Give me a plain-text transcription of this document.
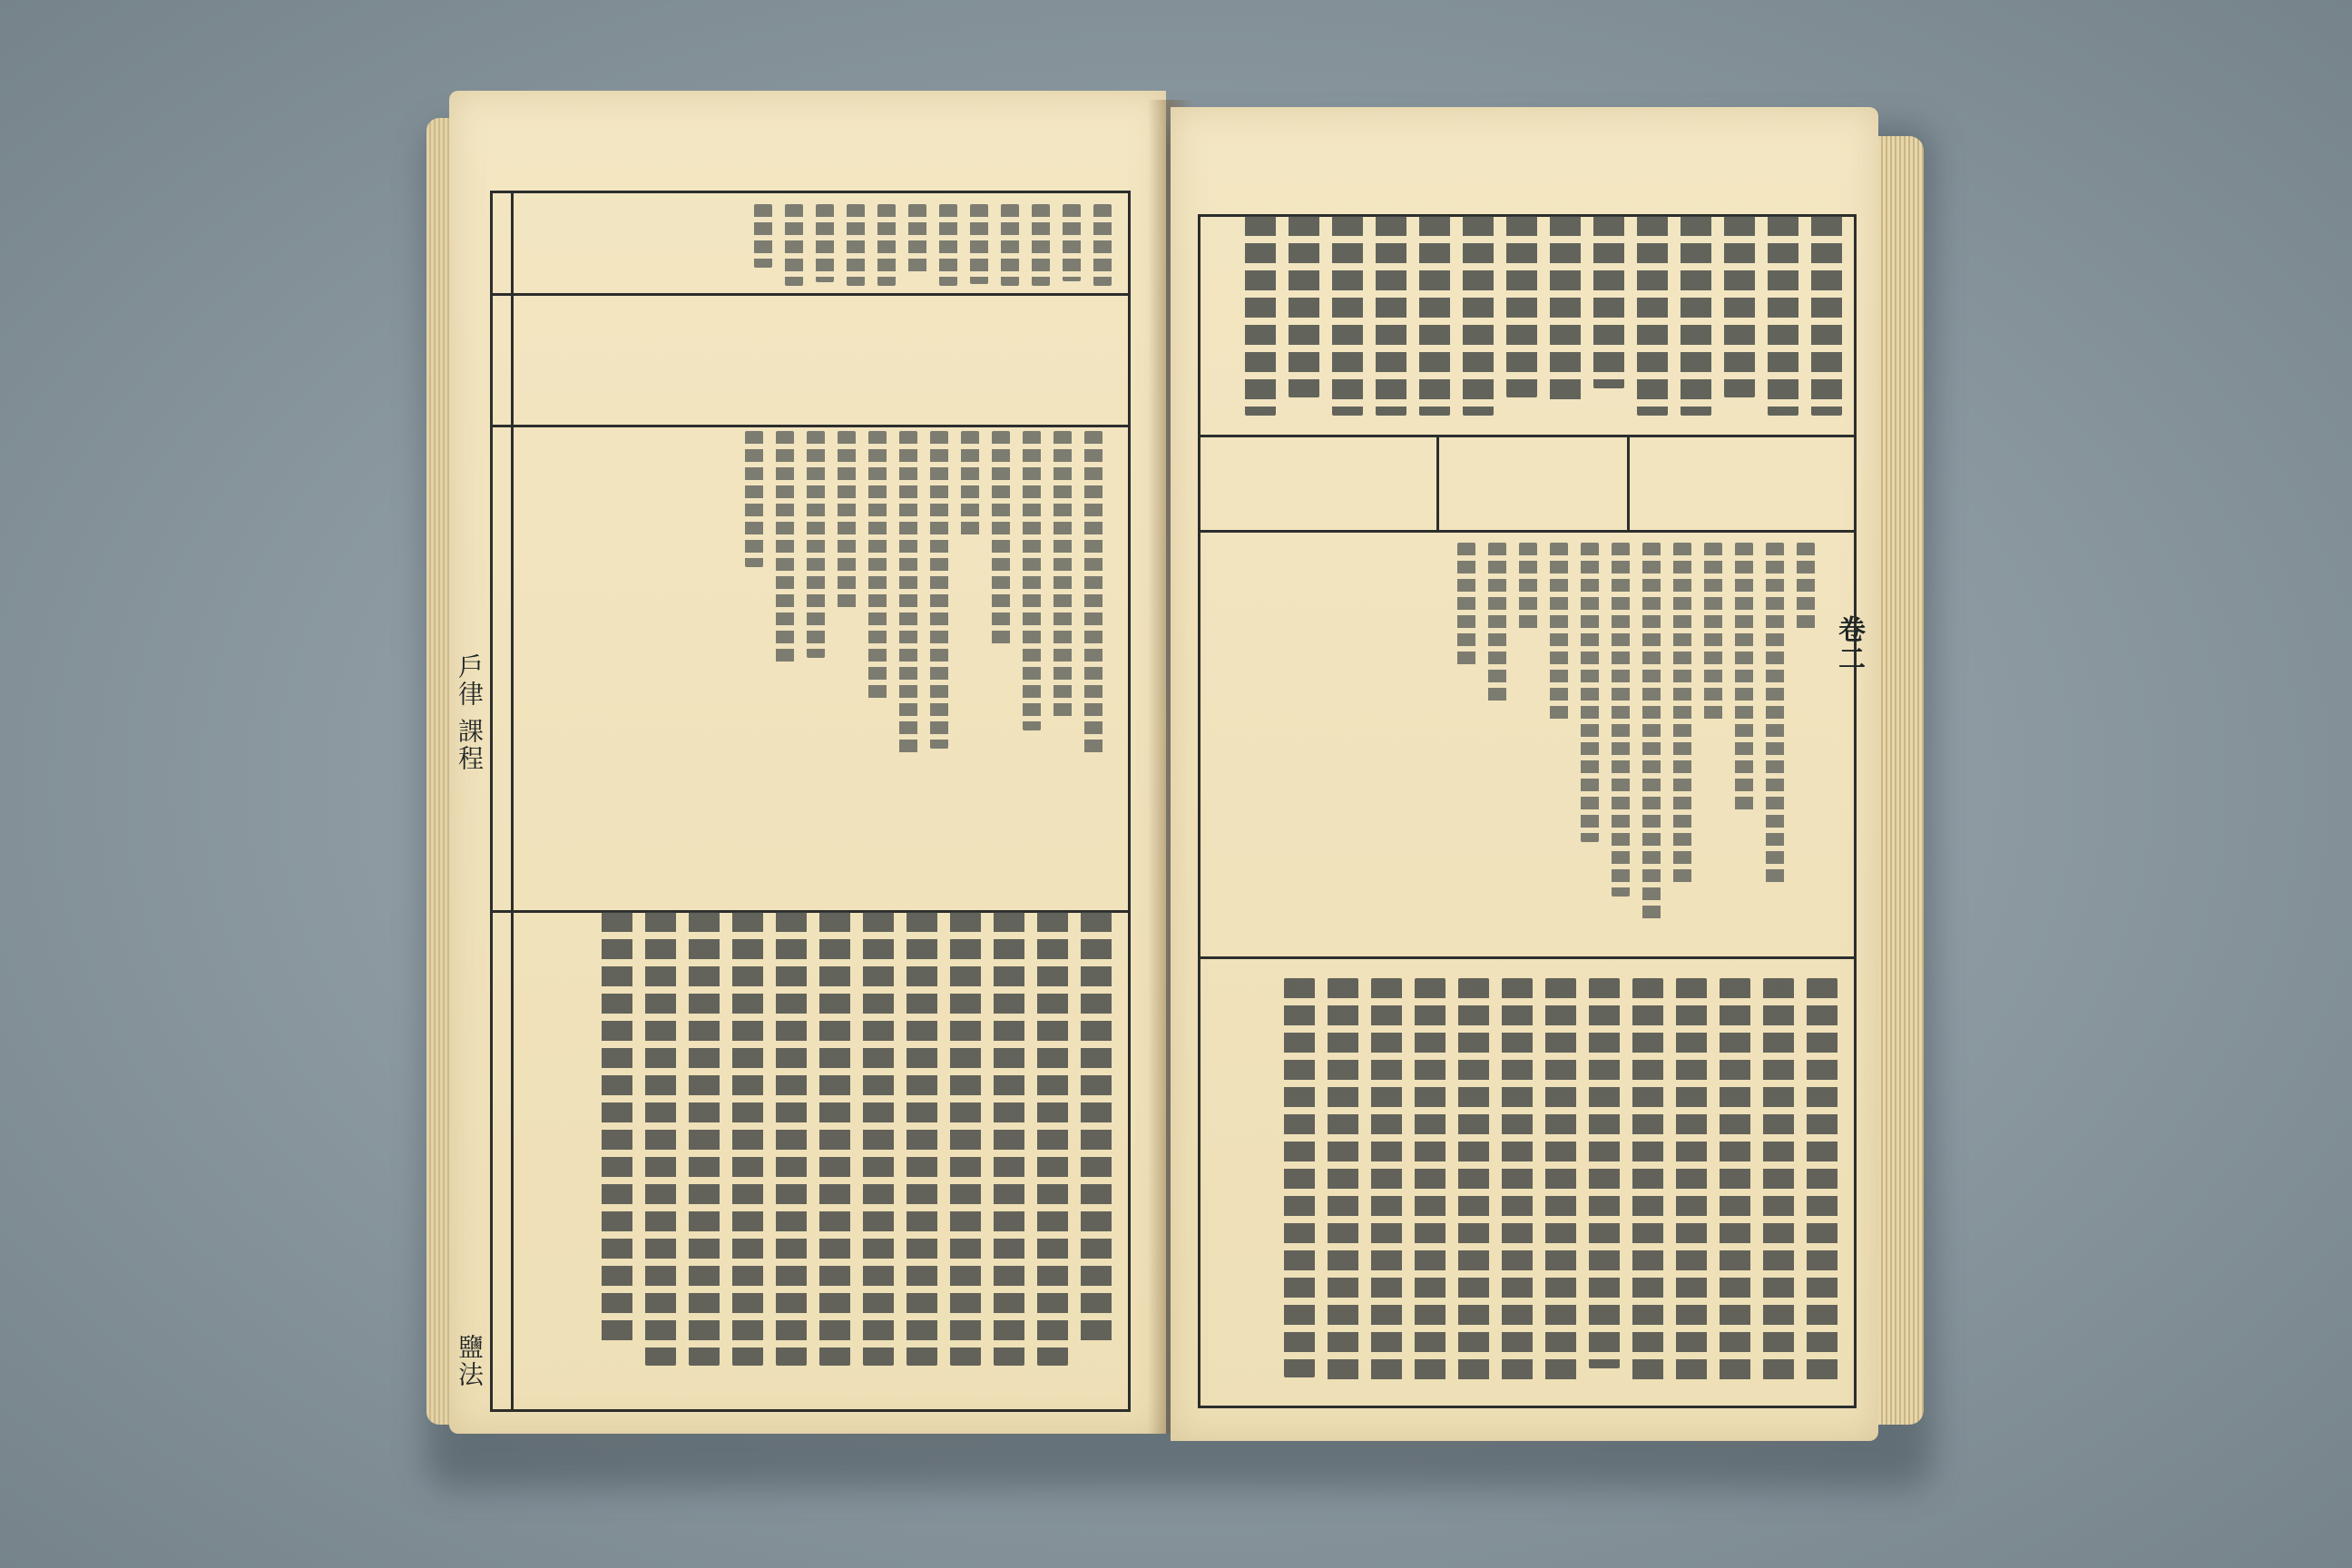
戶律 課程
鹽法
卷二
